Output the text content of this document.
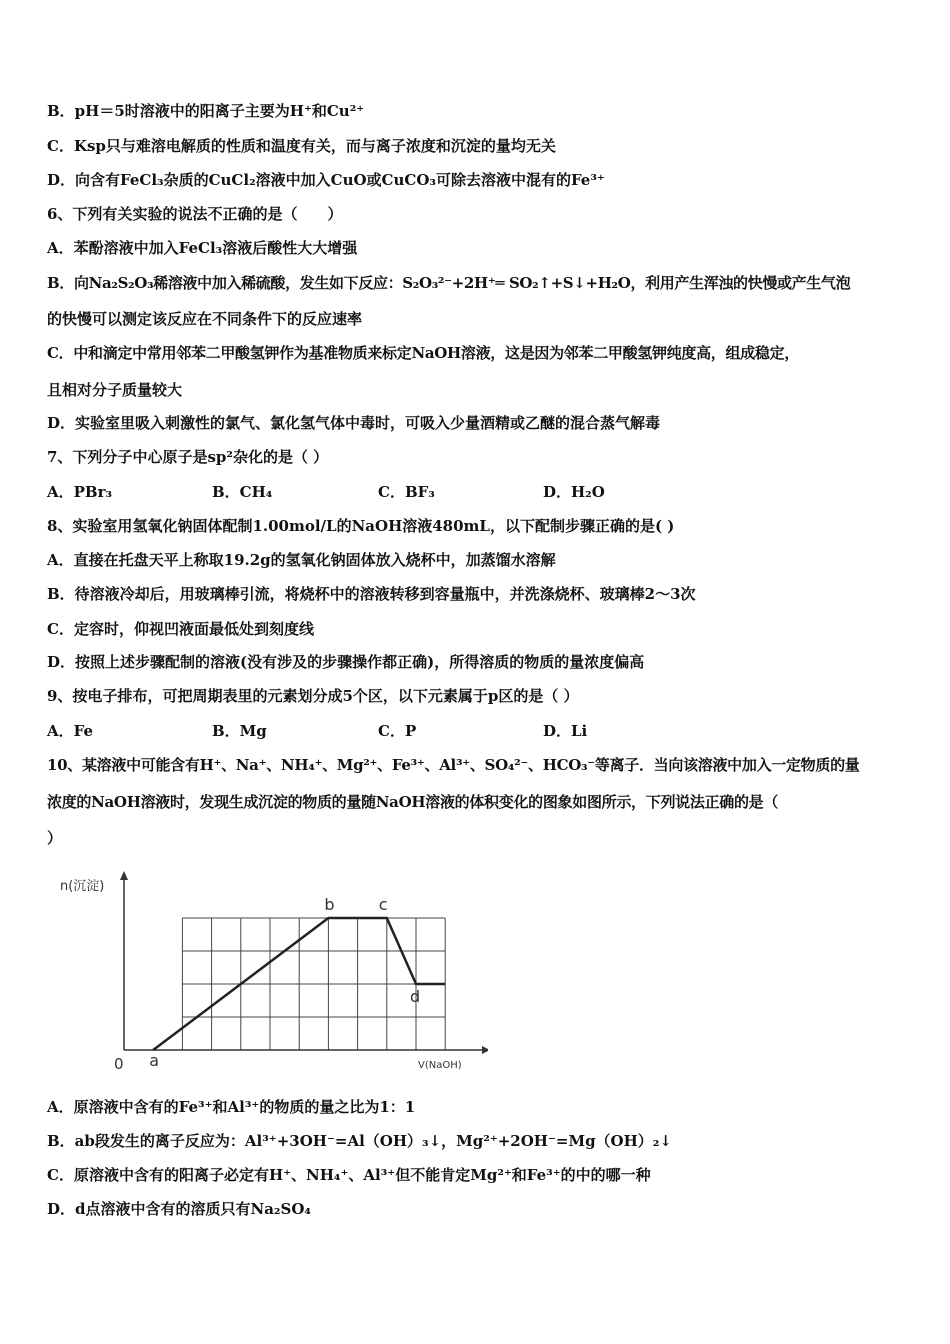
B．pH＝5时溶液中的阳离子主要为H⁺和Cu²⁺
C．Ksp只与难溶电解质的性质和温度有关，而与离子浓度和沉淀的量均无关
D．向含有FeCl₃杂质的CuCl₂溶液中加入CuO或CuCO₃可除去溶液中混有的Fe³⁺
6、下列有关实验的说法不正确的是（　　）
A．苯酚溶液中加入FeCl₃溶液后酸性大大增强
B．向Na₂S₂O₃稀溶液中加入稀硫酸，发生如下反应：S₂O₃²⁻+2H⁺═ SO₂↑+S↓+H₂O，利用产生浑浊的快慢或产生气泡
的快慢可以测定该反应在不同条件下的反应速率
C．中和滴定中常用邻苯二甲酸氢钾作为基准物质来标定NaOH溶液，这是因为邻苯二甲酸氢钾纯度高，组成稳定，
且相对分子质量较大
D．实验室里吸入刺激性的氯气、氯化氢气体中毒时，可吸入少量酒精或乙醚的混合蒸气解毒
7、下列分子中心原子是sp²杂化的是（ ）
A．PBr₃	B．CH₄	C．BF₃	D．H₂O
8、实验室用氢氧化钠固体配制1.00mol/L的NaOH溶液480mL，以下配制步骤正确的是( )
A．直接在托盘天平上称取19.2g的氢氧化钠固体放入烧杯中，加蒸馏水溶解
B．待溶液冷却后，用玻璃棒引流，将烧杯中的溶液转移到容量瓶中，并洗涤烧杯、玻璃棒2～3次
C．定容时，仰视凹液面最低处到刻度线
D．按照上述步骤配制的溶液(没有涉及的步骤操作都正确)，所得溶质的物质的量浓度偏高
9、按电子排布，可把周期表里的元素划分成5个区，以下元素属于p区的是（ ）
A．Fe	B．Mg	C．P	D．Li
10、某溶液中可能含有H⁺、Na⁺、NH₄⁺、Mg²⁺、Fe³⁺、Al³⁺、SO₄²⁻、HCO₃⁻等离子．当向该溶液中加入一定物质的量
浓度的NaOH溶液时，发现生成沉淀的物质的量随NaOH溶液的体积变化的图象如图所示，下列说法正确的是（
）
n(沉淀)
V(NaOH)
0 a
b	c
d
A．原溶液中含有的Fe³⁺和Al³⁺的物质的量之比为1：1
B．ab段发生的离子反应为：Al³⁺+3OH⁻=Al（OH）₃↓，Mg²⁺+2OH⁻=Mg（OH）₂↓
C．原溶液中含有的阳离子必定有H⁺、NH₄⁺、Al³⁺但不能肯定Mg²⁺和Fe³⁺的中的哪一种
D．d点溶液中含有的溶质只有Na₂SO₄
